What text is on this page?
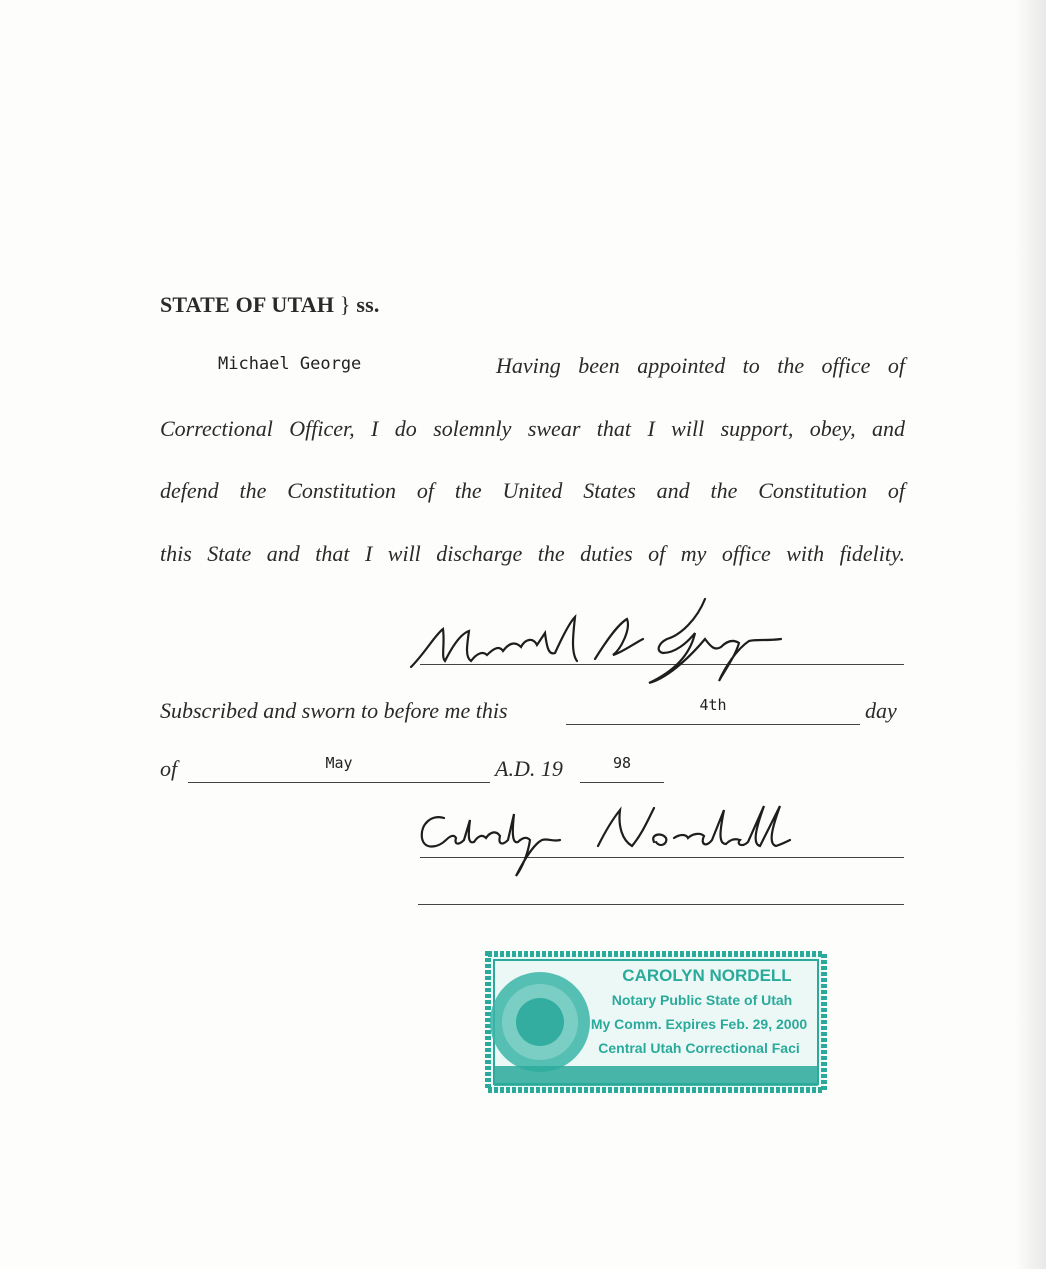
STATE OF UTAH } ss.
Michael George	Having been appointed to the office of
Correctional Officer, I do solemnly swear that I will support, obey, and
defend the Constitution of the United States and the Constitution of
this State and that I will discharge the duties of my office with fidelity.
Subscribed and sworn to before me this	4th	day
of	May	A.D. 19	98
CAROLYN NORDELL
Notary Public State of Utah
My Comm. Expires Feb. 29, 2000
Central Utah Correctional Faci
